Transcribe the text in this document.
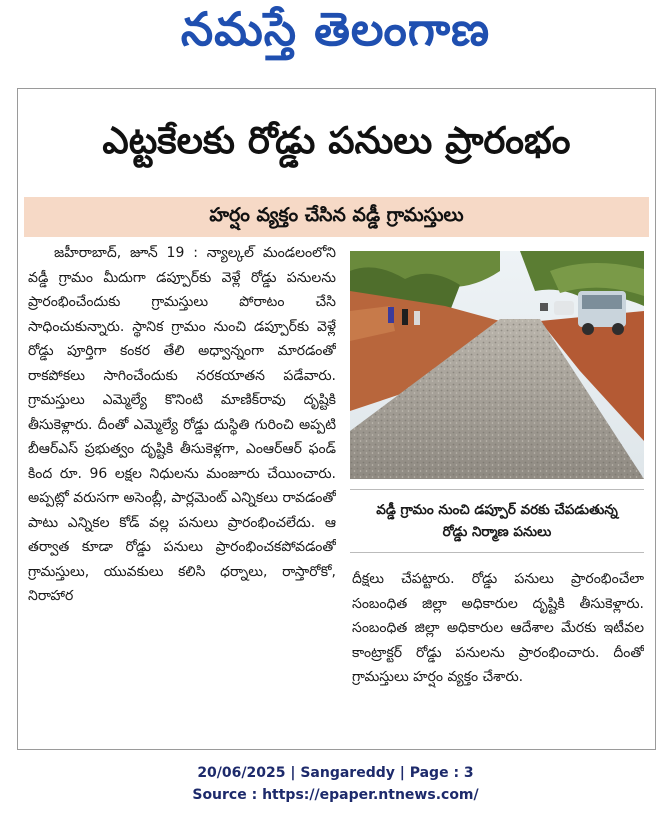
నమస్తే తెలంగాణ
ఎట్టకేలకు రోడ్డు పనులు ప్రారంభం
హర్షం వ్యక్తం చేసిన వడ్డీ గ్రామస్తులు

జహీరాబాద్, జూన్ 19 : న్యాల్కల్ మండలంలోని వడ్డీ గ్రామం మీదుగా డప్పూర్‌కు వెళ్లే రోడ్డు పనులను ప్రారంభించేందుకు గ్రామస్తులు పోరాటం చేసి సాధించుకున్నారు. స్థానిక గ్రామం నుంచి డప్పూర్‌కు వెళ్లే రోడ్డు పూర్తిగా కంకర తేలి అధ్వాన్నంగా మారడంతో రాకపోకలు సాగించేందుకు నరకయాతన పడేవారు. గ్రామస్తులు ఎమ్మెల్యే కొనింటి మాణిక్‌రావు దృష్టికి తీసుకెళ్లారు. దీంతో ఎమ్మెల్యే రోడ్డు దుస్థితి గురించి అప్పటి బీఆర్ఎస్ ప్రభుత్వం దృష్టికి తీసుకెళ్లగా, ఎంఆర్ఆర్ ఫండ్ కింద రూ. 96 లక్షల నిధులను మంజూరు చేయించారు. అప్పట్లో వరుసగా అసెంబ్లీ, పార్లమెంట్ ఎన్నికలు రావడంతో పాటు ఎన్నికల కోడ్ వల్ల పనులు ప్రారంభించలేదు. ఆ తర్వాత కూడా రోడ్డు పనులు ప్రారంభించకపోవడంతో గ్రామస్తులు, యువకులు కలిసి ధర్నాలు, రాస్తారోకో, నిరాహార

వడ్డీ గ్రామం నుంచి డప్పూర్ వరకు చేపడుతున్న
రోడ్డు నిర్మాణ పనులు

దీక్షలు చేపట్టారు. రోడ్డు పనులు ప్రారంభించేలా సంబంధిత జిల్లా అధికారుల దృష్టికి తీసుకెళ్లారు. సంబంధిత జిల్లా అధికారుల ఆదేశాల మేరకు ఇటీవల కాంట్రాక్టర్ రోడ్డు పనులను ప్రారంభించారు. దీంతో గ్రామస్తులు హర్షం వ్యక్తం చేశారు.

20/06/2025 | Sangareddy | Page : 3
Source : https://epaper.ntnews.com/
